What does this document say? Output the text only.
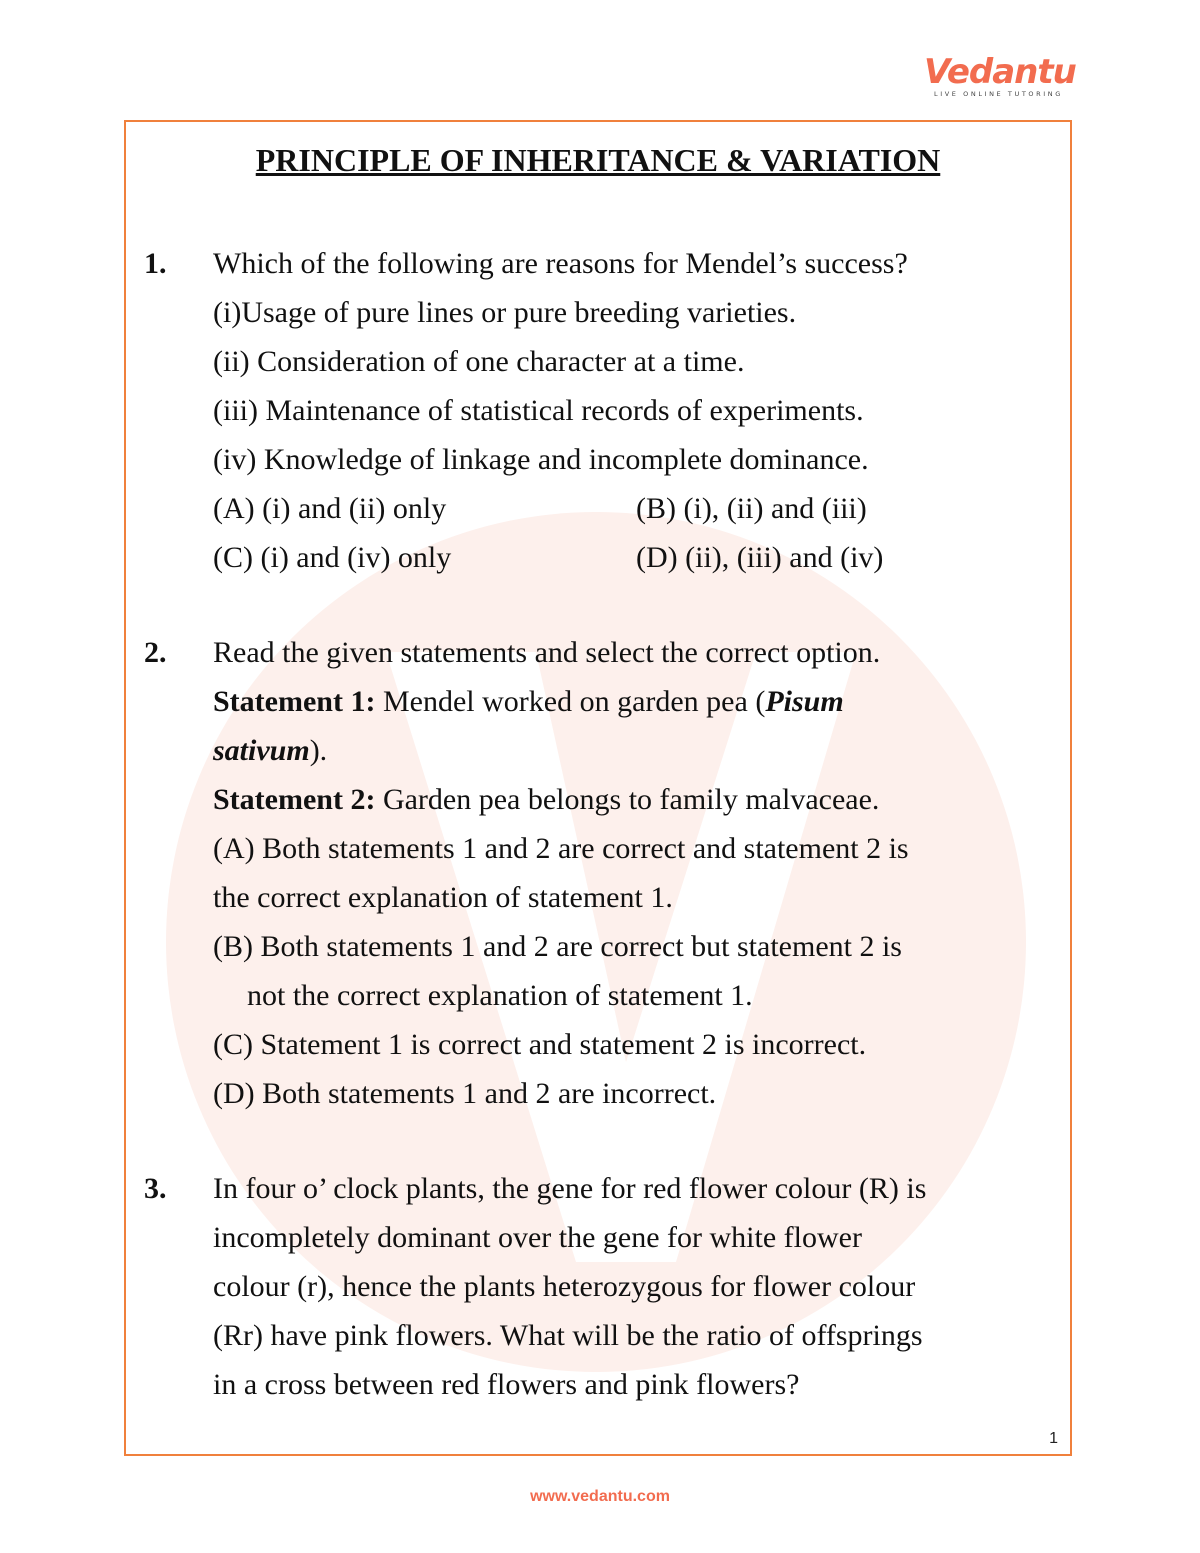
Vedantu
LIVE ONLINE TUTORING
PRINCIPLE OF INHERITANCE & VARIATION
1. Which of the following are reasons for Mendel’s success?
(i)Usage of pure lines or pure breeding varieties.
(ii) Consideration of one character at a time.
(iii) Maintenance of statistical records of experiments.
(iv) Knowledge of linkage and incomplete dominance.
(A) (i) and (ii) only	(B) (i), (ii) and (iii)
(C) (i) and (iv) only	(D) (ii), (iii) and (iv)
2. Read the given statements and select the correct option.
Statement 1: Mendel worked on garden pea (Pisum
sativum).
Statement 2: Garden pea belongs to family malvaceae.
(A) Both statements 1 and 2 are correct and statement 2 is
the correct explanation of statement 1.
(B) Both statements 1 and 2 are correct but statement 2 is
not the correct explanation of statement 1.
(C) Statement 1 is correct and statement 2 is incorrect.
(D) Both statements 1 and 2 are incorrect.
3. In four o’ clock plants, the gene for red flower colour (R) is
incompletely dominant over the gene for white flower
colour (r), hence the plants heterozygous for flower colour
(Rr) have pink flowers. What will be the ratio of offsprings
in a cross between red flowers and pink flowers?
1
www.vedantu.com
